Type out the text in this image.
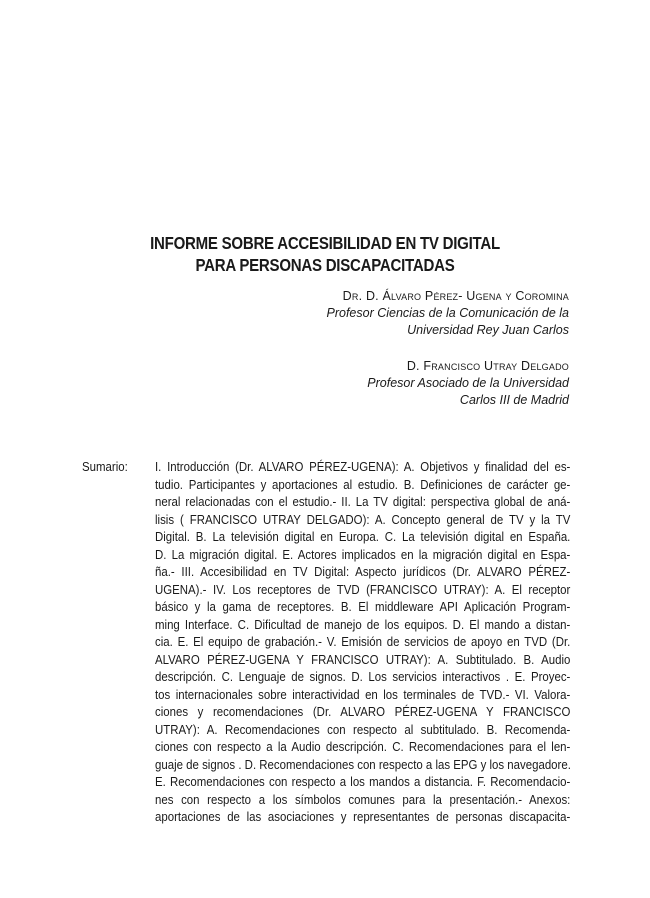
INFORME SOBRE ACCESIBILIDAD EN TV DIGITAL
PARA PERSONAS DISCAPACITADAS
Dr. D. Álvaro Pérez- Ugena y Coromina
Profesor Ciencias de la Comunicación de la
Universidad Rey Juan Carlos
D. Francisco Utray Delgado
Profesor Asociado de la Universidad
Carlos III de Madrid
Sumario: I. Introducción (Dr. ALVARO PÉREZ-UGENA): A. Objetivos y finalidad del es-
tudio. Participantes y aportaciones al estudio. B. Definiciones de carácter ge-
neral relacionadas con el estudio.- II. La TV digital: perspectiva global de aná-
lisis ( FRANCISCO UTRAY DELGADO): A. Concepto general de TV y la TV
Digital. B. La televisión digital en Europa. C. La televisión digital en España.
D. La migración digital. E. Actores implicados en la migración digital en Espa-
ña.- III. Accesibilidad en TV Digital: Aspecto jurídicos (Dr. ALVARO PÉREZ-
UGENA).- IV. Los receptores de TVD (FRANCISCO UTRAY): A. El receptor
básico y la gama de receptores. B. El middleware API Aplicación Program-
ming Interface. C. Dificultad de manejo de los equipos. D. El mando a distan-
cia. E. El equipo de grabación.- V. Emisión de servicios de apoyo en TVD (Dr.
ALVARO PÉREZ-UGENA Y FRANCISCO UTRAY): A. Subtitulado. B. Audio
descripción. C. Lenguaje de signos. D. Los servicios interactivos . E. Proyec-
tos internacionales sobre interactividad en los terminales de TVD.- VI. Valora-
ciones y recomendaciones (Dr. ALVARO PÉREZ-UGENA Y FRANCISCO
UTRAY): A. Recomendaciones con respecto al subtitulado. B. Recomenda-
ciones con respecto a la Audio descripción. C. Recomendaciones para el len-
guaje de signos . D. Recomendaciones con respecto a las EPG y los navegadore.
E. Recomendaciones con respecto a los mandos a distancia. F. Recomendacio-
nes con respecto a los símbolos comunes para la presentación.- Anexos:
aportaciones de las asociaciones y representantes de personas discapacita-
